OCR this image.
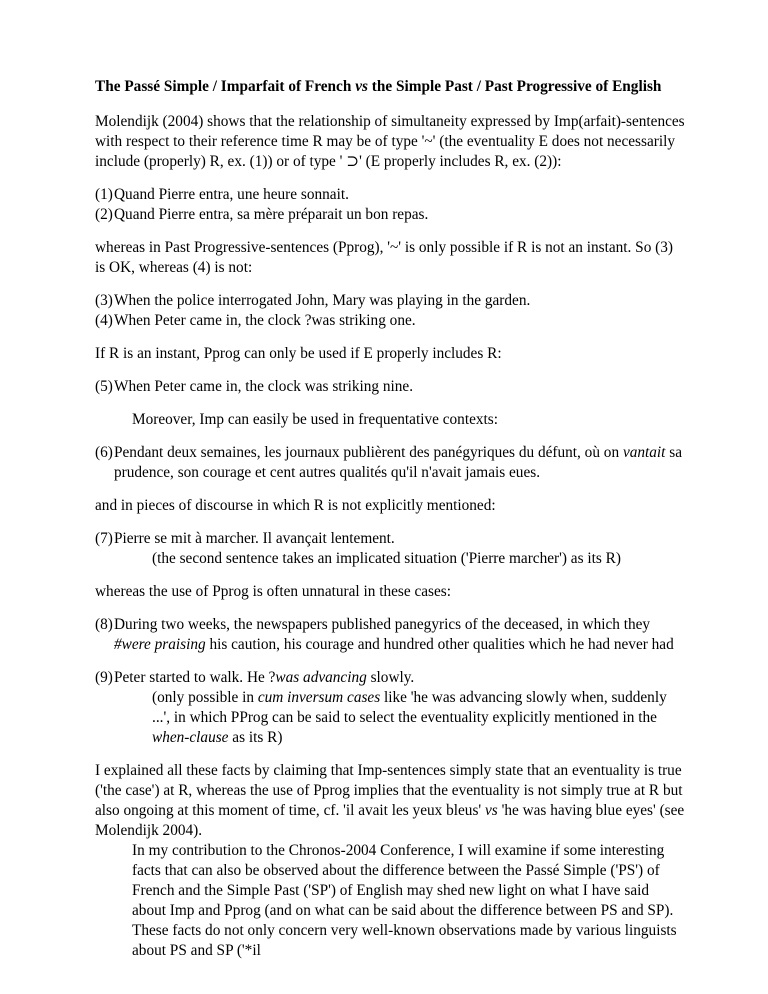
The Passé Simple / Imparfait of French vs the Simple Past / Past Progressive of English

Molendijk (2004) shows that the relationship of simultaneity expressed by Imp(arfait)-sentences with respect to their reference time R may be of type '~' (the eventuality E does not necessarily include (properly) R, ex. (1)) or of type ' ⊃' (E properly includes R, ex. (2)):

(1) Quand Pierre entra, une heure sonnait.
(2) Quand Pierre entra, sa mère préparait un bon repas.

whereas in Past Progressive-sentences (Pprog), '~' is only possible if R is not an instant. So (3) is OK, whereas (4) is not:

(3) When the police interrogated John, Mary was playing in the garden.
(4) When Peter came in, the clock ?was striking one.

If R is an instant, Pprog can only be used if E properly includes R:

(5) When Peter came in, the clock was striking nine.

Moreover, Imp can easily be used in frequentative contexts:

(6) Pendant deux semaines, les journaux publièrent des panégyriques du défunt, où on vantait sa prudence, son courage et cent autres qualités qu'il n'avait jamais eues.

and in pieces of discourse in which R is not explicitly mentioned:

(7) Pierre se mit à marcher. Il avançait lentement.
(the second sentence takes an implicated situation ('Pierre marcher') as its R)

whereas the use of Pprog is often unnatural in these cases:

(8) During two weeks, the newspapers published panegyrics of the deceased, in which they #were praising his caution, his courage and hundred other qualities which he had never had
(9) Peter started to walk. He ?was advancing slowly.
(only possible in cum inversum cases like 'he was advancing slowly when, suddenly ...', in which PProg can be said to select the eventuality explicitly mentioned in the when-clause as its R)

I explained all these facts by claiming that Imp-sentences simply state that an eventuality is true ('the case') at R, whereas the use of Pprog implies that the eventuality is not simply true at R but also ongoing at this moment of time, cf. 'il avait les yeux bleus' vs 'he was having blue eyes' (see Molendijk 2004).

In my contribution to the Chronos-2004 Conference, I will examine if some interesting facts that can also be observed about the difference between the Passé Simple ('PS') of French and the Simple Past ('SP') of English may shed new light on what I have said about Imp and Pprog (and on what can be said about the difference between PS and SP). These facts do not only concern very well-known observations made by various linguists about PS and SP ('*il
